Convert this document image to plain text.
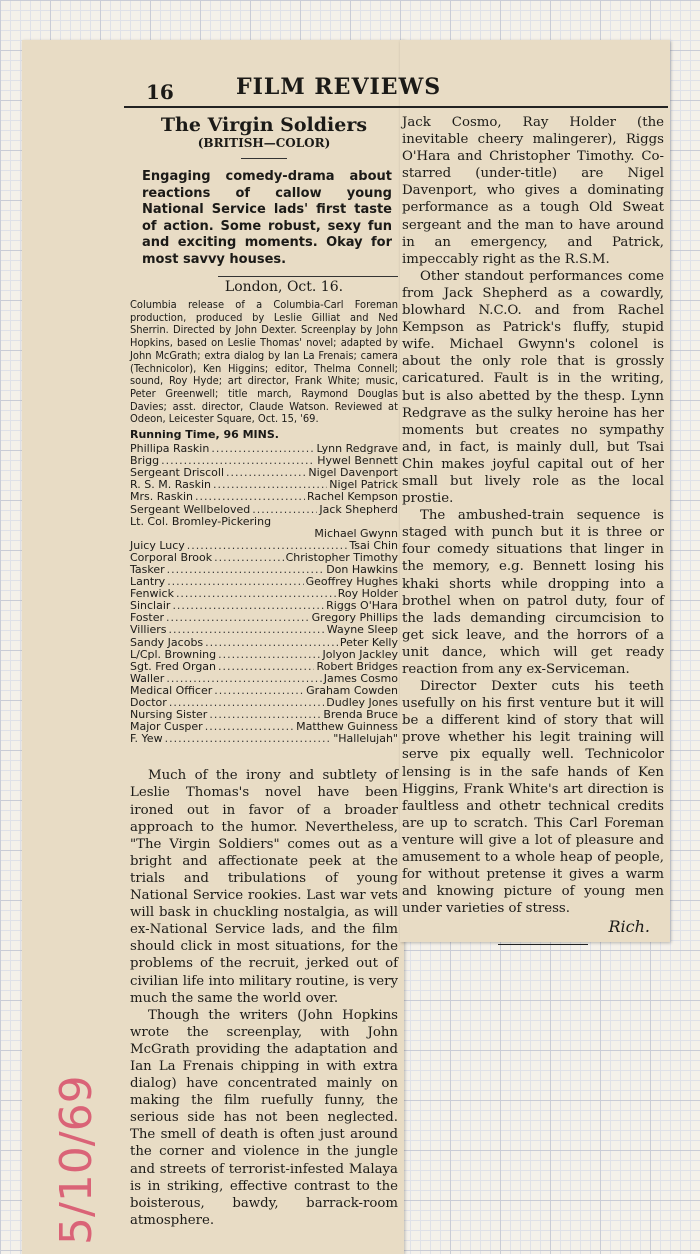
16	FILM REVIEWS
The Virgin Soldiers
(BRITISH—COLOR)

Engaging comedy-drama about reactions of callow young National Service lads' first taste of action. Some robust, sexy fun and exciting moments. Okay for most savvy houses.

London, Oct. 16.

Columbia release of a Columbia-Carl Foreman production, produced by Leslie Gilliat and Ned Sherrin. Directed by John Dexter. Screenplay by John Hopkins, based on Leslie Thomas' novel; adapted by John McGrath; extra dialog by Ian La Frenais; camera (Technicolor), Ken Higgins; editor, Thelma Connell; sound, Roy Hyde; art director, Frank White; music, Peter Greenwell; title march, Raymond Douglas Davies; asst. director, Claude Watson. Reviewed at Odeon, Leicester Square, Oct. 15, '69.

Running Time, 96 MINS.
Phillipa Raskin .....	Lynn Redgrave
Brigg .....	Hywel Bennett
Sergeant Driscoll .....	Nigel Davenport
R. S. M. Raskin .....	Nigel Patrick
Mrs. Raskin .....	Rachel Kempson
Sergeant Wellbeloved .....	Jack Shepherd
Lt. Col. Bromley-Pickering
Michael Gwynn
Juicy Lucy .....	Tsai Chin
Corporal Brook .....	Christopher Timothy
Tasker .....	Don Hawkins
Lantry .....	Geoffrey Hughes
Fenwick .....	Roy Holder
Sinclair .....	Riggs O'Hara
Foster .....	Gregory Phillips
Villiers .....	Wayne Sleep
Sandy Jacobs .....	Peter Kelly
L/Cpl. Browning .....	Jolyon Jackley
Sgt. Fred Organ .....	Robert Bridges
Waller .....	James Cosmo
Medical Officer .....	Graham Cowden
Doctor .....	Dudley Jones
Nursing Sister .....	Brenda Bruce
Major Cusper .....	Matthew Guinness
F. Yew .....	"Hallelujah"

Much of the irony and subtlety of Leslie Thomas's novel have been ironed out in favor of a broader approach to the humor. Nevertheless, "The Virgin Soldiers" comes out as a bright and affectionate peek at the trials and tribulations of young National Service rookies. Last war vets will bask in chuckling nostalgia, as will ex-National Service lads, and the film should click in most situations, for the problems of the recruit, jerked out of civilian life into military routine, is very much the same the world over.

Though the writers (John Hopkins wrote the screenplay, with John McGrath providing the adaptation and Ian La Frenais chipping in with extra dialog) have concentrated mainly on making the film ruefully funny, the serious side has not been neglected. The smell of death is often just around the corner and violence in the jungle and streets of terrorist-infested Malaya is in striking, effective contrast to the boisterous, bawdy, barrack-room atmosphere.

Jack Cosmo, Ray Holder (the inevitable cheery malingerer), Riggs O'Hara and Christopher Timothy. Co-starred (under-title) are Nigel Davenport, who gives a dominating performance as a tough Old Sweat sergeant and the man to have around in an emergency, and Patrick, impeccably right as the R.S.M.

Other standout performances come from Jack Shepherd as a cowardly, blowhard N.C.O. and from Rachel Kempson as Patrick's fluffy, stupid wife. Michael Gwynn's colonel is about the only role that is grossly caricatured. Fault is in the writing, but is also abetted by the thesp. Lynn Redgrave as the sulky heroine has her moments but creates no sympathy and, in fact, is mainly dull, but Tsai Chin makes joyful capital out of her small but lively role as the local prostie.

The ambushed-train sequence is staged with punch but it is three or four comedy situations that linger in the memory, e.g. Bennett losing his khaki shorts while dropping into a brothel when on patrol duty, four of the lads demanding circumcision to get sick leave, and the horrors of a unit dance, which will get ready reaction from any ex-Serviceman.

Director Dexter cuts his teeth usefully on his first venture but it will be a different kind of story that will prove whether his legit training will serve pix equally well. Technicolor lensing is in the safe hands of Ken Higgins, Frank White's art direction is faultless and othetr technical credits are up to scratch. This Carl Foreman venture will give a lot of pleasure and amusement to a whole heap of people, for without pretense it gives a warm and knowing picture of young men under varieties of stress.

Rich.
5/10/69
